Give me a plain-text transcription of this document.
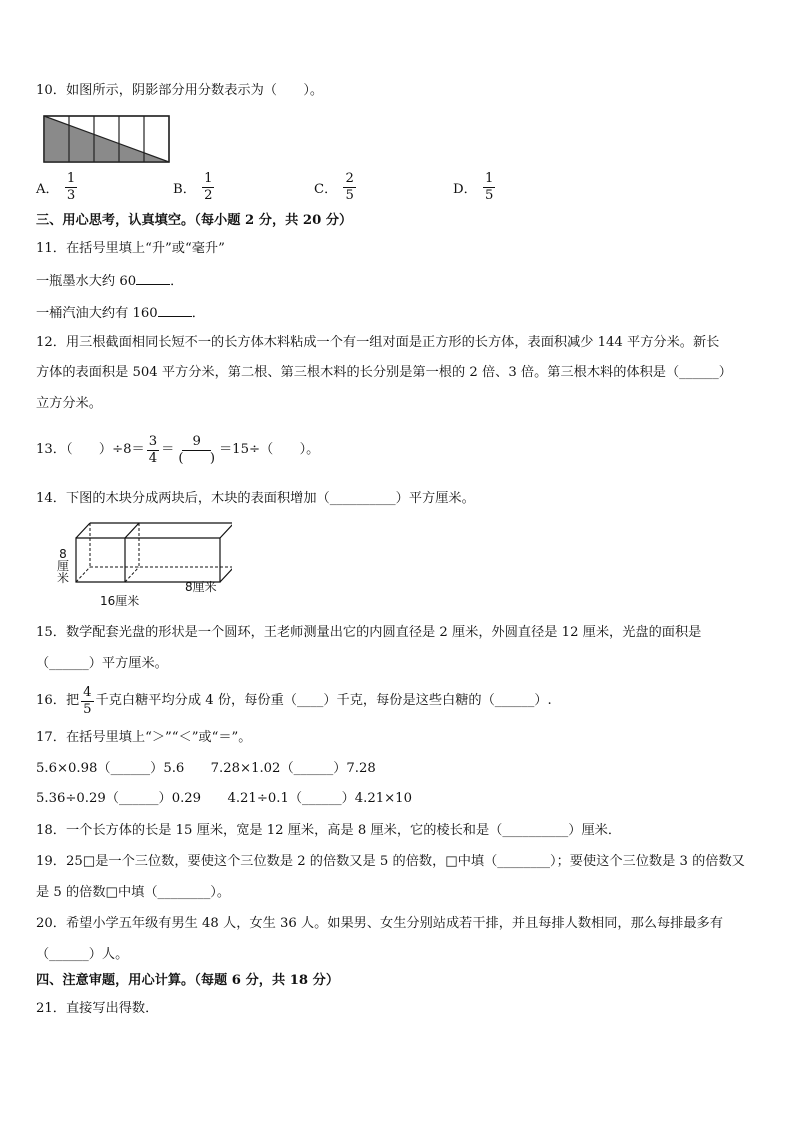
10．如图所示，阴影部分用分数表示为（　　）。
A． $\frac{1}{3}$	B． $\frac{1}{2}$	C． $\frac{2}{5}$	D． $\frac{1}{5}$
三、用心思考，认真填空。（每小题 2 分，共 20 分）
11．在括号里填上“升”或“毫升”
一瓶墨水大约 60	．
一桶汽油大约有 160	．
12．用三根截面相同长短不一的长方体木料粘成一个有一组对面是正方形的长方体，表面积减少 144 平方分米。新长
方体的表面积是 504 平方分米，第二根、第三根木料的长分别是第一根的 2 倍、3 倍。第三根木料的体积是（______）
立方分米。
13．（　　）$\div 8= \frac{3}{4} = \frac{9}{( )} =15\div$（　　）。
14．下图的木块分成两块后，木块的表面积增加（__________）平方厘米。
8
厘
米
8厘米
16厘米
15．数学配套光盘的形状是一个圆环，王老师测量出它的内圆直径是 2 厘米，外圆直径是 12 厘米，光盘的面积是
（______）平方厘米。
16．把 $\frac{4}{5}$ 千克白糖平均分成 4 份，每份重（____）千克，每份是这些白糖的（______）.
17．在括号里填上“＞”“＜”或“＝”。
5.6×0.98（______）5.6　　7.28×1.02（______）7.28
5.36÷0.29（______）0.29　　4.21÷0.1（______）4.21×10
18．一个长方体的长是 15 厘米，宽是 12 厘米，高是 8 厘米，它的棱长和是（__________）厘米．
19．25□是一个三位数，要使这个三位数是 2 的倍数又是 5 的倍数，□中填（________）；要使这个三位数是 3 的倍数又
是 5 的倍数□中填（________）。
20．希望小学五年级有男生 48 人，女生 36 人。如果男、女生分别站成若干排，并且每排人数相同，那么每排最多有
（______）人。
四、注意审题，用心计算。（每题 6 分，共 18 分）
21．直接写出得数．
